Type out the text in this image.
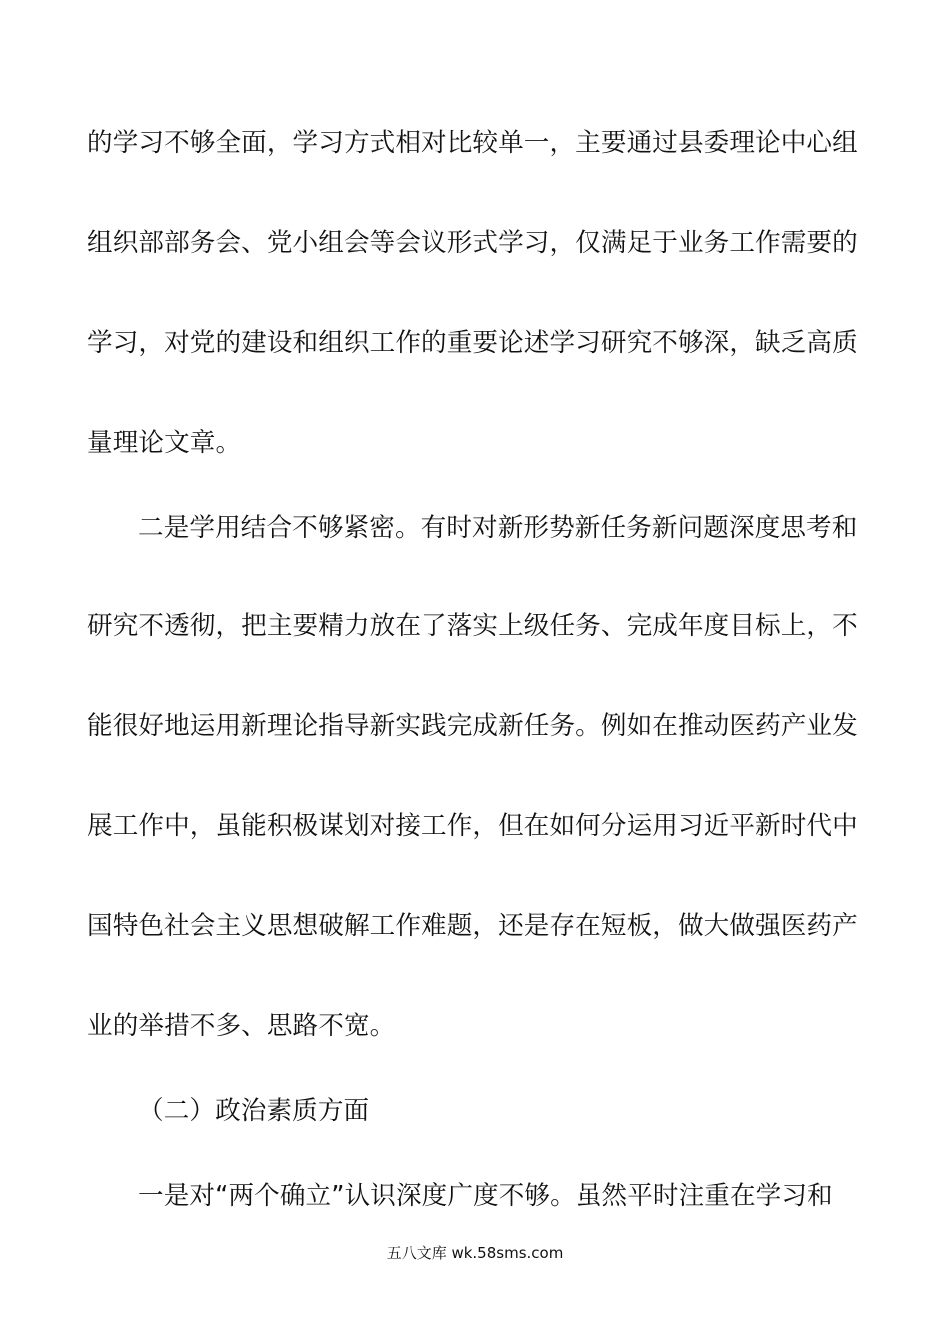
的学习不够全面，学习方式相对比较单一，主要通过县委理论中心组
组织部部务会、党小组会等会议形式学习，仅满足于业务工作需要的
学习，对党的建设和组织工作的重要论述学习研究不够深，缺乏高质
量理论文章。
二是学用结合不够紧密。有时对新形势新任务新问题深度思考和
研究不透彻，把主要精力放在了落实上级任务、完成年度目标上，不
能很好地运用新理论指导新实践完成新任务。例如在推动医药产业发
展工作中，虽能积极谋划对接工作，但在如何分运用习近平新时代中
国特色社会主义思想破解工作难题，还是存在短板，做大做强医药产
业的举措不多、思路不宽。
（二）政治素质方面
一是对“两个确立”认识深度广度不够。虽然平时注重在学习和
五八文库 wk.58sms.com
